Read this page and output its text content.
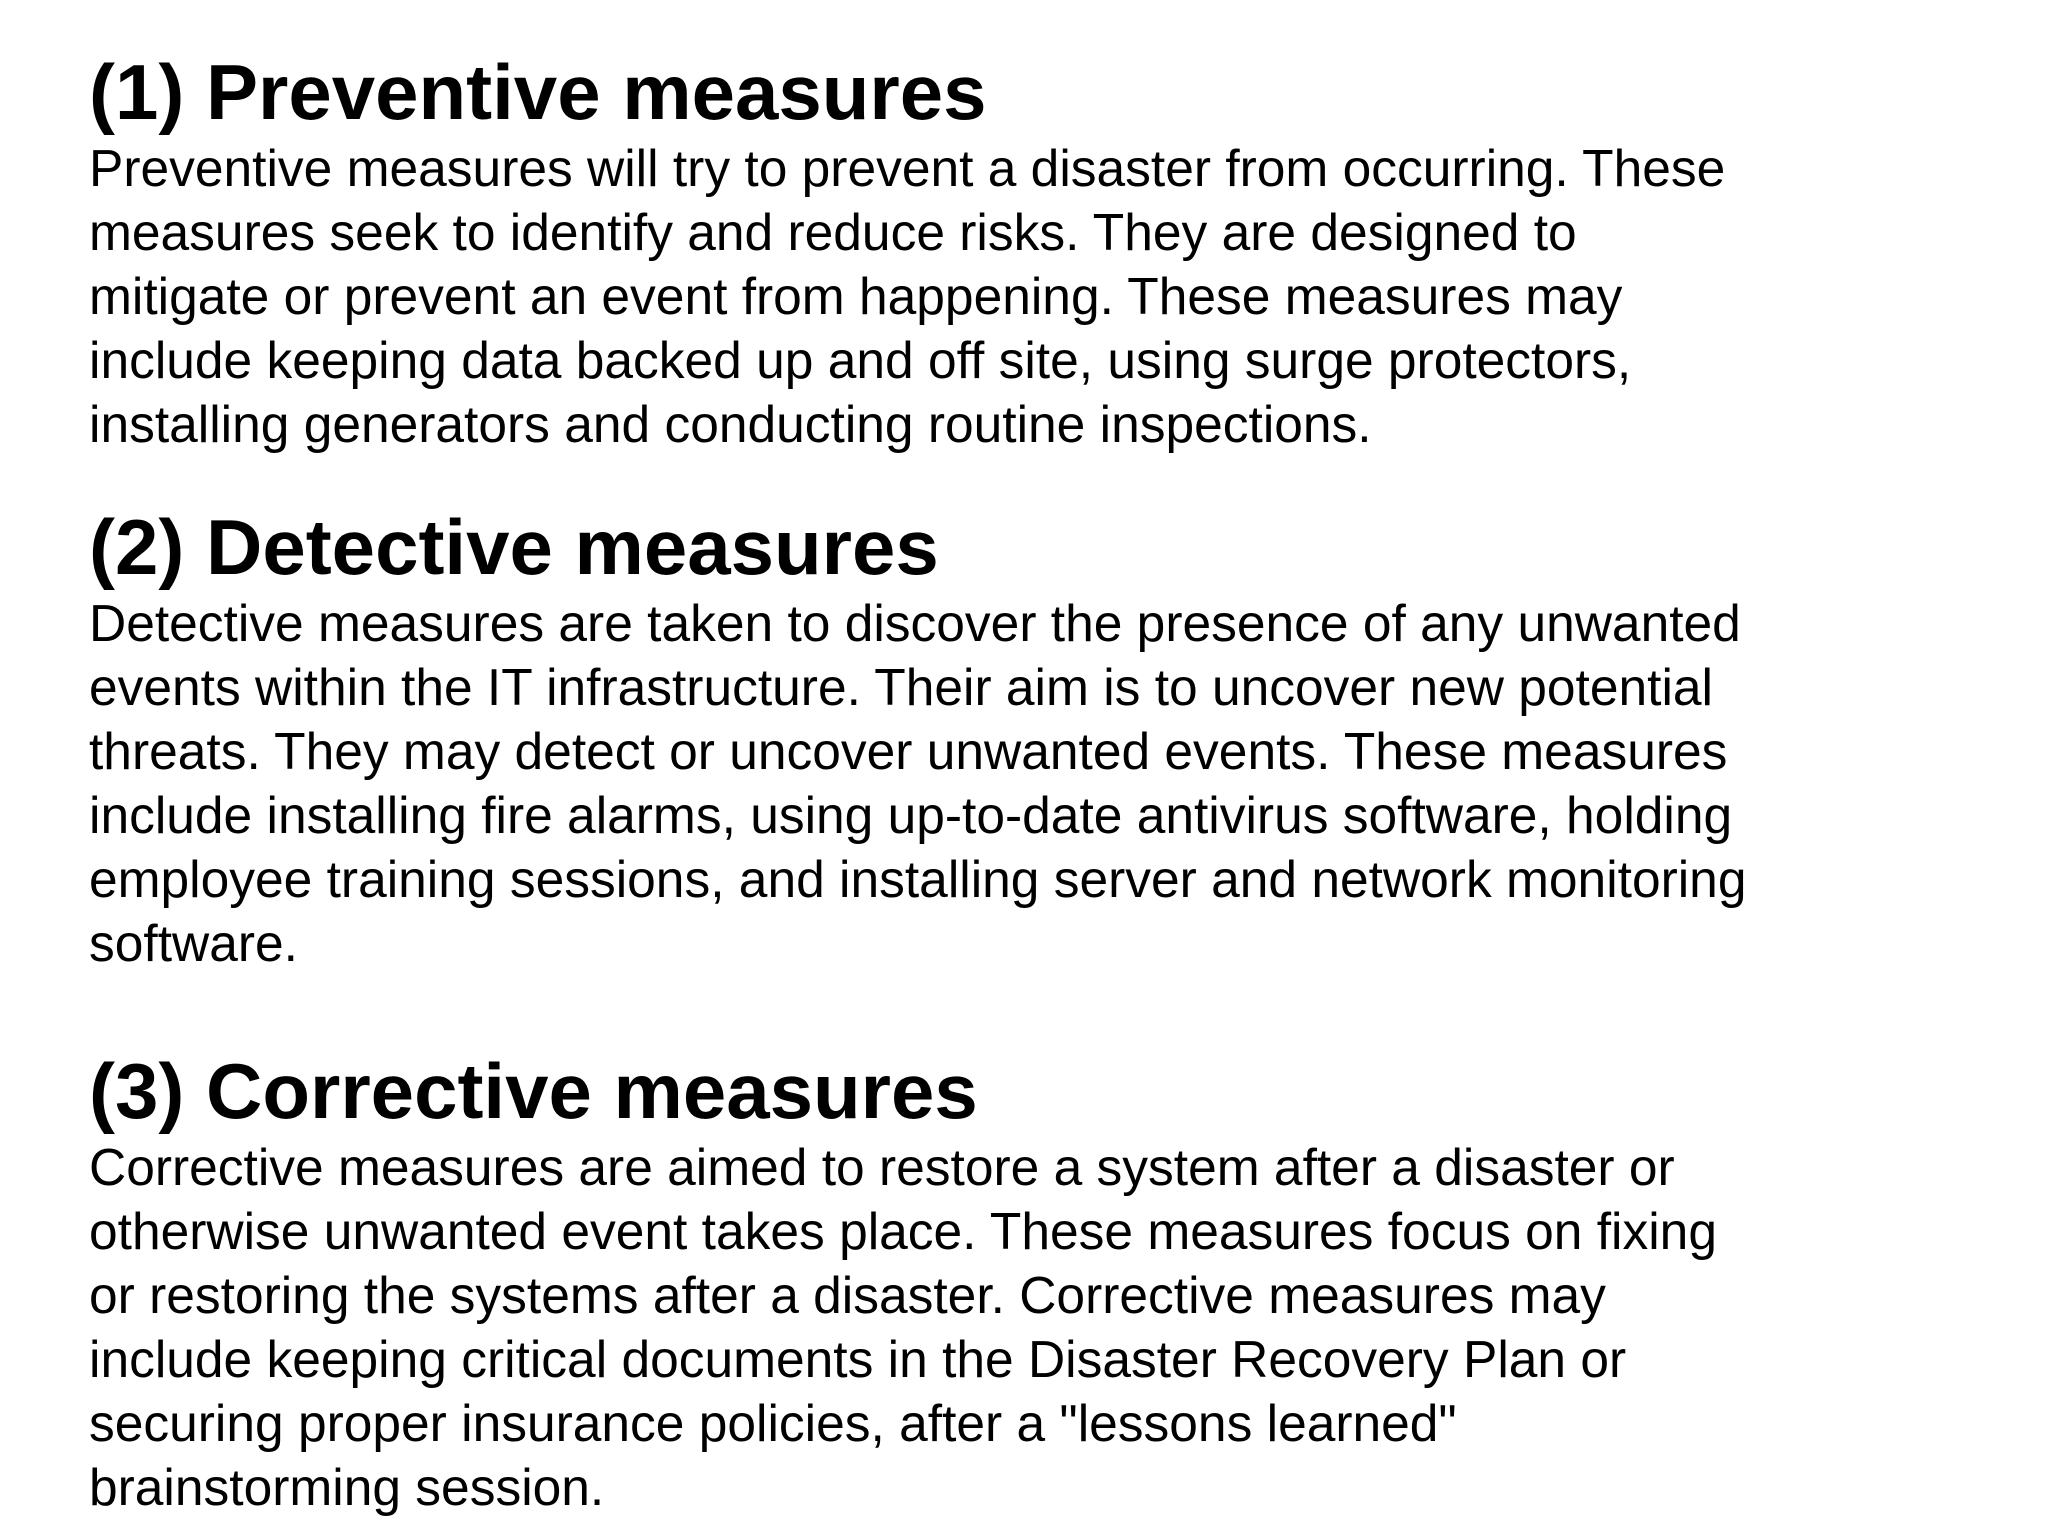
(1) Preventive measures
Preventive measures will try to prevent a disaster from occurring. These
measures seek to identify and reduce risks. They are designed to
mitigate or prevent an event from happening. These measures may
include keeping data backed up and off site, using surge protectors,
installing generators and conducting routine inspections.
(2) Detective measures
Detective measures are taken to discover the presence of any unwanted
events within the IT infrastructure. Their aim is to uncover new potential
threats. They may detect or uncover unwanted events. These measures
include installing fire alarms, using up-to-date antivirus software, holding
employee training sessions, and installing server and network monitoring
software.
(3) Corrective measures
Corrective measures are aimed to restore a system after a disaster or
otherwise unwanted event takes place. These measures focus on fixing
or restoring the systems after a disaster. Corrective measures may
include keeping critical documents in the Disaster Recovery Plan or
securing proper insurance policies, after a "lessons learned"
brainstorming session.
